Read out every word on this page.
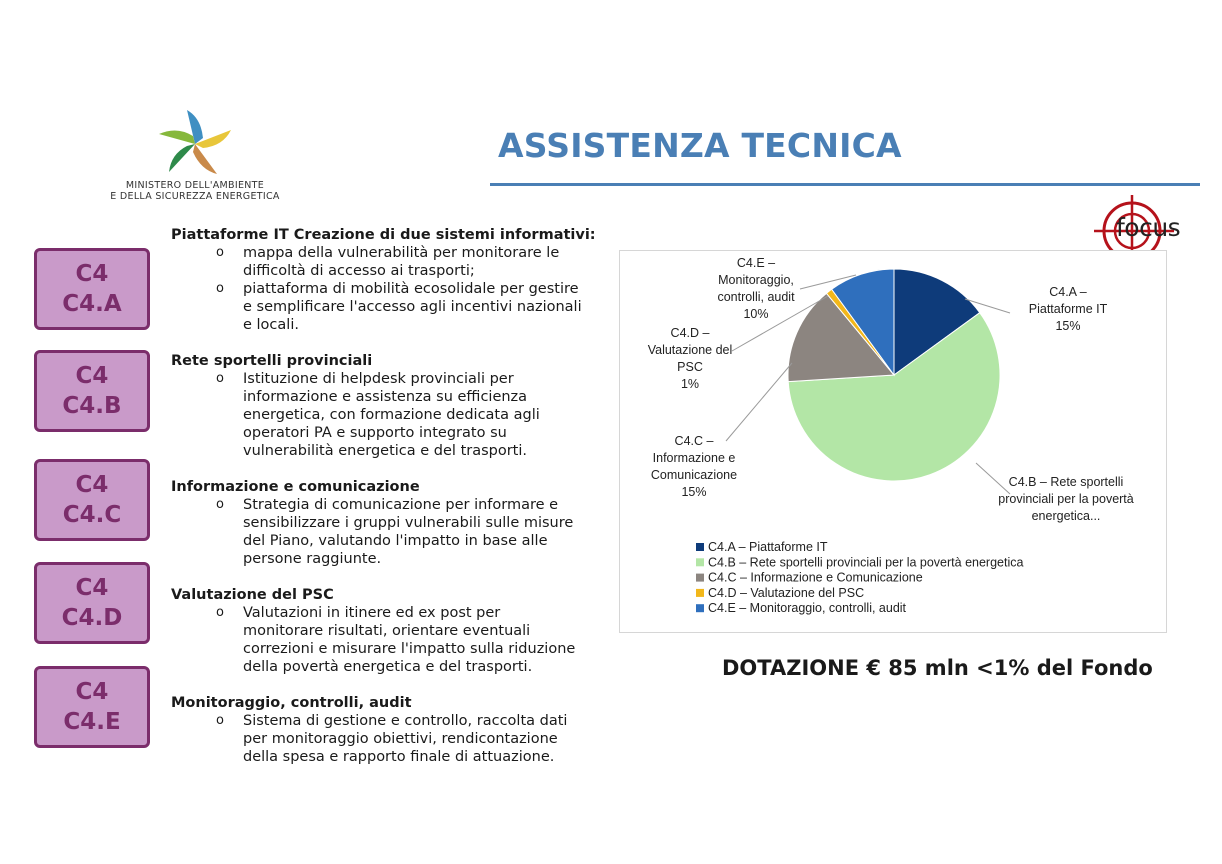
MINISTERO DELL'AMBIENTE
E DELLA SICUREZZA ENERGETICA
ASSISTENZA TECNICA
focus
C4
C4.A
C4
C4.B
C4
C4.C
C4
C4.D
C4
C4.E
Piattaforme IT Creazione di due sistemi informativi:
o mappa della vulnerabilità per monitorare le
difficoltà di accesso ai trasporti;
o piattaforma di mobilità ecosolidale per gestire
e semplificare l'accesso agli incentivi nazionali
e locali.
Rete sportelli provinciali
o Istituzione di helpdesk provinciali per
informazione e assistenza su efficienza
energetica, con formazione dedicata agli
operatori PA e supporto integrato su
vulnerabilità energetica e del trasporti.
Informazione e comunicazione
o Strategia di comunicazione per informare e
sensibilizzare i gruppi vulnerabili sulle misure
del Piano, valutando l'impatto in base alle
persone raggiunte.
Valutazione del PSC
o Valutazioni in itinere ed ex post per
monitorare risultati, orientare eventuali
correzioni e misurare l'impatto sulla riduzione
della povertà energetica e del trasporti.
Monitoraggio, controlli, audit
o Sistema di gestione e controllo, raccolta dati
per monitoraggio obiettivi, rendicontazione
della spesa e rapporto finale di attuazione.
C4.A – Piattaforme IT 15%
C4.B – Rete sportelli provinciali per la povertà energetica...
C4.C – Informazione e Comunicazione 15%
C4.D – Valutazione del PSC 1%
C4.E – Monitoraggio, controlli, audit 10%
C4.A – Piattaforme IT
C4.B – Rete sportelli provinciali per la povertà energetica
C4.C – Informazione e Comunicazione
C4.D – Valutazione del PSC
C4.E – Monitoraggio, controlli, audit
DOTAZIONE € 85 mln <1% del Fondo
